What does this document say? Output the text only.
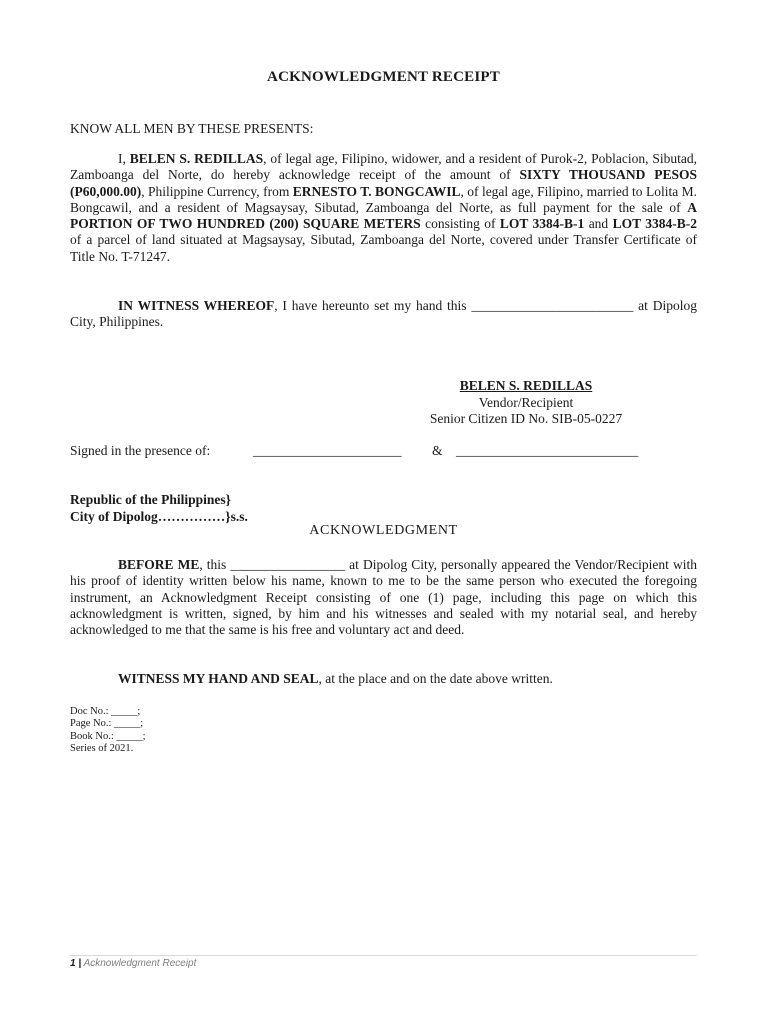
ACKNOWLEDGMENT RECEIPT
KNOW ALL MEN BY THESE PRESENTS:
I, BELEN S. REDILLAS, of legal age, Filipino, widower, and a resident of Purok-2, Poblacion, Sibutad, Zamboanga del Norte, do hereby acknowledge receipt of the amount of SIXTY THOUSAND PESOS (P60,000.00), Philippine Currency, from ERNESTO T. BONGCAWIL, of legal age, Filipino, married to Lolita M. Bongcawil, and a resident of Magsaysay, Sibutad, Zamboanga del Norte, as full payment for the sale of A PORTION OF TWO HUNDRED (200) SQUARE METERS consisting of LOT 3384-B-1 and LOT 3384-B-2 of a parcel of land situated at Magsaysay, Sibutad, Zamboanga del Norte, covered under Transfer Certificate of Title No. T-71247.
IN WITNESS WHEREOF, I have hereunto set my hand this ________________________ at Dipolog City, Philippines.
BELEN S. REDILLAS
Vendor/Recipient
Senior Citizen ID No. SIB-05-0227
Signed in the presence of:	______________________ & ___________________________
Republic of the Philippines}
City of Dipolog……………}s.s.
ACKNOWLEDGMENT
BEFORE ME, this _________________ at Dipolog City, personally appeared the Vendor/Recipient with his proof of identity written below his name, known to me to be the same person who executed the foregoing instrument, an Acknowledgment Receipt consisting of one (1) page, including this page on which this acknowledgment is written, signed, by him and his witnesses and sealed with my notarial seal, and hereby acknowledged to me that the same is his free and voluntary act and deed.
WITNESS MY HAND AND SEAL, at the place and on the date above written.
Doc No.: _____;
Page No.: _____;
Book No.: _____;
Series of 2021.
1 | Acknowledgment Receipt
